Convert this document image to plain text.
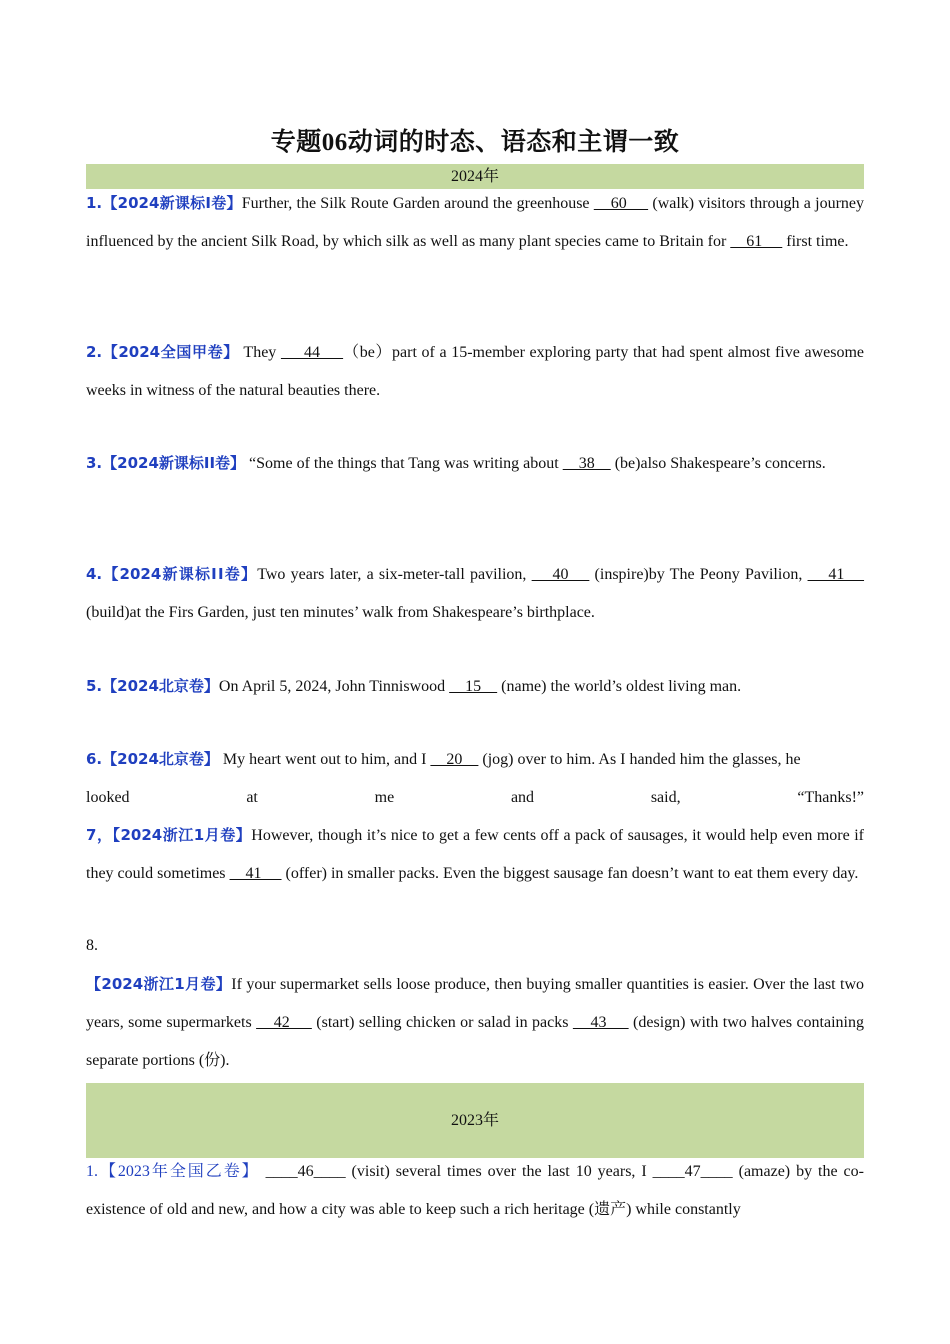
专题06动词的时态、语态和主谓一致
2024年
1.【2024新课标Ⅰ卷】Further, the Silk Route Garden around the greenhouse     60      (walk) visitors through a journey influenced by the ancient Silk Road, by which silk as well as many plant species came to Britain for     61      first time.
2.【2024全国甲卷】 They      44     （be）part of a 15-member exploring party that had spent almost five awesome weeks in witness of the natural beauties there.
3.【2024新课标ⅠⅠ卷】 “Some of the things that Tang was writing about     38     (be)also Shakespeare’s concerns.
4.【2024新课标ⅠⅠ卷】Two years later, a six-meter-tall pavilion,     40     (inspire)by The Peony Pavilion,     41     (build)at the Firs Garden, just ten minutes’ walk from Shakespeare’s birthplace.
5.【2024北京卷】On April 5, 2024, John Tinniswood     15     (name) the world’s oldest living man.
6.【2024北京卷】 My heart went out to him, and I     20     (jog) over to him. As I handed him the glasses, he
looked	at	me	and	said,	“Thanks!”
7，【2024浙江1月卷】However, though it’s nice to get a few cents off a pack of sausages, it would help even more if they could sometimes     41      (offer) in smaller packs. Even the biggest sausage fan doesn’t want to eat them every day.
8.
【2024浙江1月卷】If your supermarket sells loose produce, then buying smaller quantities is easier. Over the last two years, some supermarkets     42      (start) selling chicken or salad in packs     43      (design) with two halves containing separate portions (份).
2023年
1.【2023年全国乙卷】 ____46____ (visit) several times over the last 10 years, I ____47____ (amaze) by the co-existence of old and new, and how a city was able to keep such a rich heritage (遗产) while constantly
